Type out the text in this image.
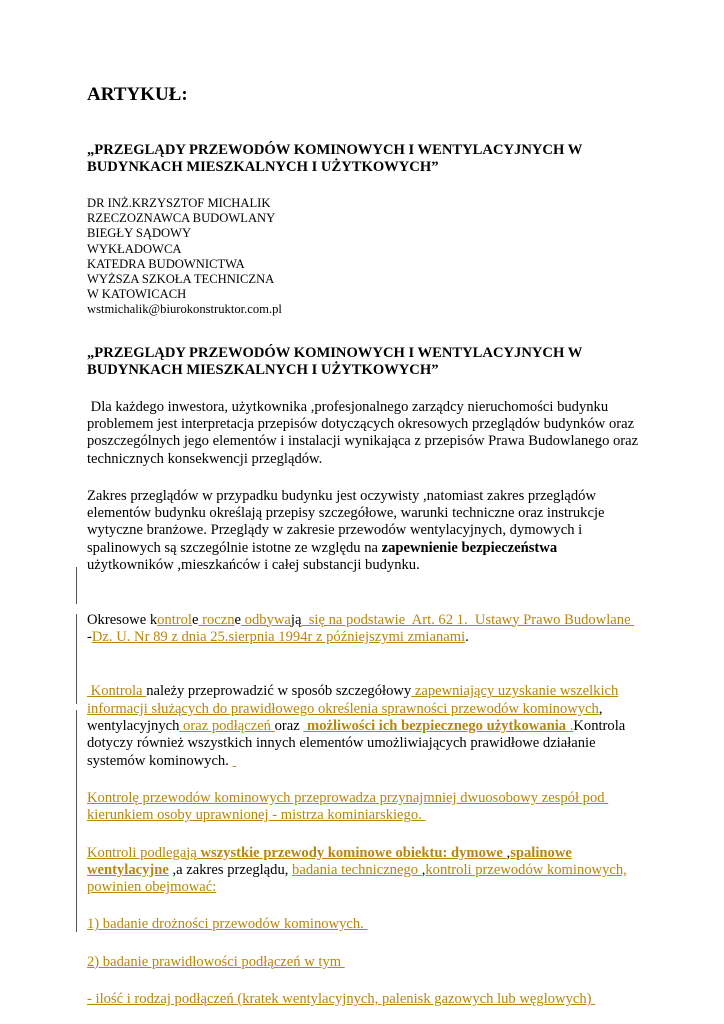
ARTYKUŁ:

„PRZEGLĄDY PRZEWODÓW KOMINOWYCH I WENTYLACYJNYCH W
BUDYNKACH MIESZKALNYCH I UŻYTKOWYCH”

DR INŻ.KRZYSZTOF MICHALIK
RZECZOZNAWCA BUDOWLANY
BIEGŁY SĄDOWY
WYKŁADOWCA
KATEDRA BUDOWNICTWA
WYŻSZA SZKOŁA TECHNICZNA
W KATOWICACH
wstmichalik@biurokonstruktor.com.pl

„PRZEGLĄDY PRZEWODÓW KOMINOWYCH I WENTYLACYJNYCH W
BUDYNKACH MIESZKALNYCH I UŻYTKOWYCH”

Dla każdego inwestora, użytkownika ,profesjonalnego zarządcy nieruchomości budynku
problemem jest interpretacja przepisów dotyczących okresowych przeglądów budynków oraz
poszczególnych jego elementów i instalacji wynikająca z przepisów Prawa Budowlanego oraz
technicznych konsekwencji przeglądów.

Zakres przeglądów w przypadku budynku jest oczywisty ,natomiast zakres przeglądów
elementów budynku określają przepisy szczegółowe, warunki techniczne oraz instrukcje
wytyczne branżowe. Przeglądy w zakresie przewodów wentylacyjnych, dymowych i
spalinowych są szczególnie istotne ze względu na zapewnienie bezpieczeństwa
użytkowników ,mieszkańców i całej substancji budynku.

Okresowe kontrole roczne odbywają  się na podstawie  Art. 62 1.  Ustawy Prawo Budowlane
-Dz. U. Nr 89 z dnia 25.sierpnia 1994r z późniejszymi zmianami.

Kontrola należy przeprowadzić w sposób szczegółowy zapewniający uzyskanie wszelkich
informacji służących do prawidłowego określenia sprawności przewodów kominowych,
wentylacyjnych oraz podłączeń oraz  możliwości ich bezpiecznego użytkowania .Kontrola
dotyczy również wszystkich innych elementów umożliwiających prawidłowe działanie
systemów kominowych.

Kontrolę przewodów kominowych przeprowadza przynajmniej dwuosobowy zespół pod
kierunkiem osoby uprawnionej - mistrza kominiarskiego.

Kontroli podlegają wszystkie przewody kominowe obiektu: dymowe ,spalinowe
wentylacyjne ,a zakres przeglądu, badania technicznego ,kontroli przewodów kominowych,
powinien obejmować:

1) badanie drożności przewodów kominowych.

2) badanie prawidłowości podłączeń w tym

- ilość i rodzaj podłączeń (kratek wentylacyjnych, palenisk gazowych lub węglowych)
